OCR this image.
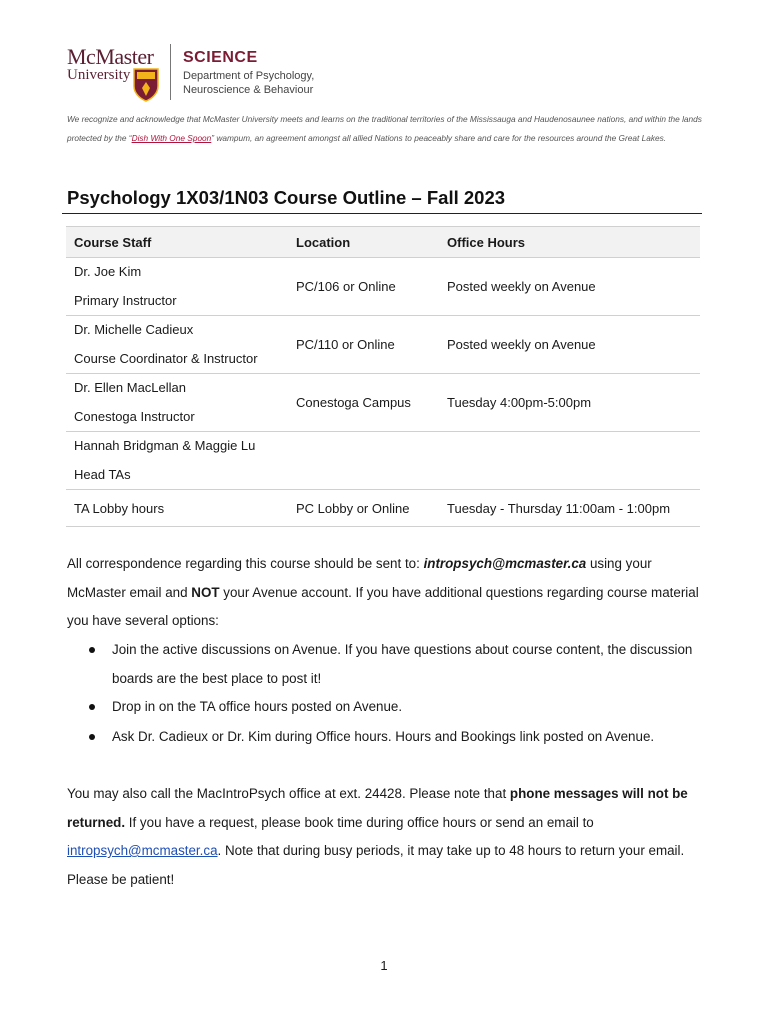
McMaster
University
SCIENCE
Department of Psychology,
Neuroscience & Behaviour
We recognize and acknowledge that McMaster University meets and learns on the traditional territories of the Mississauga and Haudenosaunee nations, and within the lands protected by the “Dish With One Spoon” wampum, an agreement amongst all allied Nations to peaceably share and care for the resources around the Great Lakes.
Psychology 1X03/1N03 Course Outline – Fall 2023
Course Staff	Location	Office Hours

Dr. Joe Kim
Primary Instructor	PC/106 or Online	Posted weekly on Avenue

Dr. Michelle Cadieux
Course Coordinator & Instructor	PC/110 or Online	Posted weekly on Avenue

Dr. Ellen MacLellan
Conestoga Instructor	Conestoga Campus	Tuesday 4:00pm-5:00pm

Hannah Bridgman & Maggie Lu
Head TAs		

TA Lobby hours	PC Lobby or Online	Tuesday - Thursday 11:00am - 1:00pm
All correspondence regarding this course should be sent to: intropsych@mcmaster.ca using your McMaster email and NOT your Avenue account. If you have additional questions regarding course material you have several options:
Join the active discussions on Avenue. If you have questions about course content, the discussion boards are the best place to post it!
Drop in on the TA office hours posted on Avenue.
Ask Dr. Cadieux or Dr. Kim during Office hours. Hours and Bookings link posted on Avenue.
You may also call the MacIntroPsych office at ext. 24428. Please note that phone messages will not be returned. If you have a request, please book time during office hours or send an email to intropsych@mcmaster.ca. Note that during busy periods, it may take up to 48 hours to return your email. Please be patient!
1
